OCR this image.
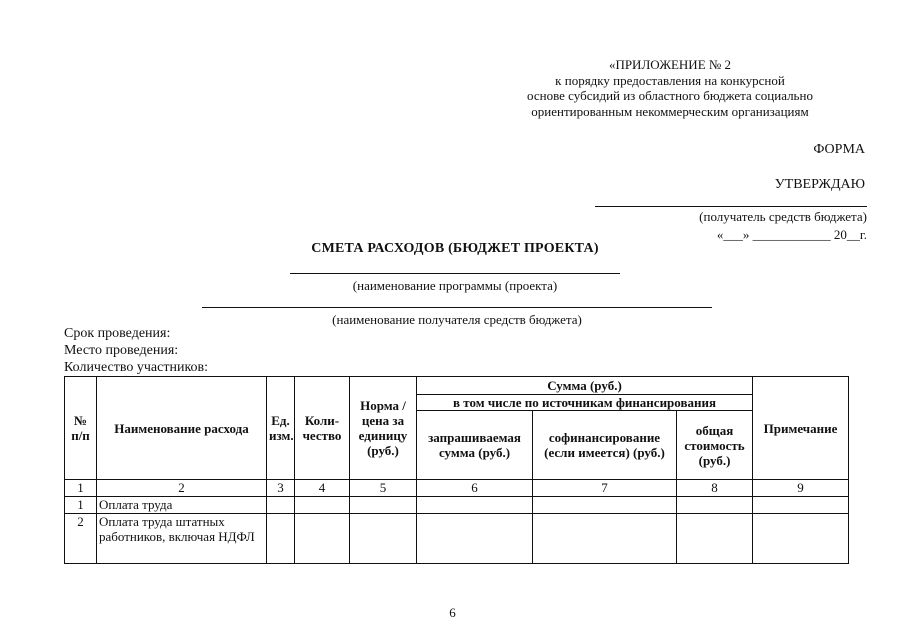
«ПРИЛОЖЕНИЕ № 2
к порядку предоставления на конкурсной
основе субсидий из областного бюджета социально
ориентированным некоммерческим организациям
ФОРМА
УТВЕРЖДАЮ
(получатель средств бюджета)
«___» ____________ 20__г.
СМЕТА РАСХОДОВ (БЮДЖЕТ ПРОЕКТА)
(наименование программы (проекта)
(наименование получателя средств бюджета)
Срок проведения:
Место проведения:
Количество участников:
№ п/п	Наименование расхода	Ед. изм.	Коли- чество	Норма / цена за единицу (руб.)	Сумма (руб.)			Примечание
					в том числе по источникам финансирования			
					запрашиваемая сумма (руб.)	софинансирование (если имеется) (руб.)	общая стоимость (руб.)	
1	2	3	4	5	6	7	8	9
1	Оплата труда							
2	Оплата труда штатных работников, включая НДФЛ							
6
